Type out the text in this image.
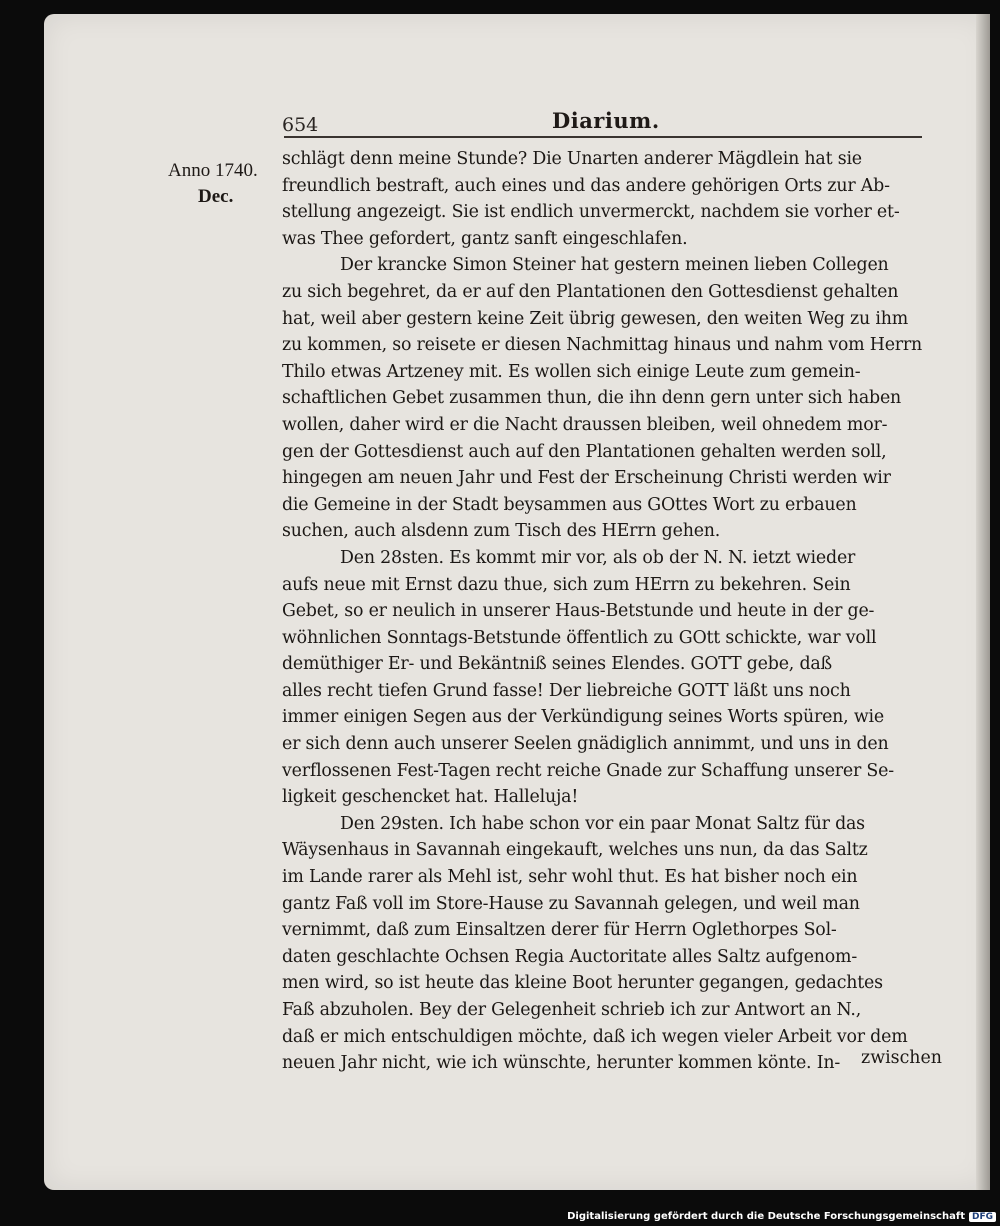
654	Diarium.
Anno 1740.
Dec.
schlägt denn meine Stunde? Die Unarten anderer Mägdlein hat sie
freundlich bestraft, auch eines und das andere gehörigen Orts zur Ab-
stellung angezeigt. Sie ist endlich unvermerckt, nachdem sie vorher et-
was Thee gefordert, gantz sanft eingeschlafen.
Der krancke Simon Steiner hat gestern meinen lieben Collegen
zu sich begehret, da er auf den Plantationen den Gottesdienst gehalten
hat, weil aber gestern keine Zeit übrig gewesen, den weiten Weg zu ihm
zu kommen, so reisete er diesen Nachmittag hinaus und nahm vom Herrn
Thilo etwas Artzeney mit. Es wollen sich einige Leute zum gemein-
schaftlichen Gebet zusammen thun, die ihn denn gern unter sich haben
wollen, daher wird er die Nacht draussen bleiben, weil ohnedem mor-
gen der Gottesdienst auch auf den Plantationen gehalten werden soll,
hingegen am neuen Jahr und Fest der Erscheinung Christi werden wir
die Gemeine in der Stadt beysammen aus GOttes Wort zu erbauen
suchen, auch alsdenn zum Tisch des HErrn gehen.
Den 28sten. Es kommt mir vor, als ob der N. N. ietzt wieder
aufs neue mit Ernst dazu thue, sich zum HErrn zu bekehren. Sein
Gebet, so er neulich in unserer Haus-Betstunde und heute in der ge-
wöhnlichen Sonntags-Betstunde öffentlich zu GOtt schickte, war voll
demüthiger Er- und Bekäntniß seines Elendes. GOTT gebe, daß
alles recht tiefen Grund fasse! Der liebreiche GOTT läßt uns noch
immer einigen Segen aus der Verkündigung seines Worts spüren, wie
er sich denn auch unserer Seelen gnädiglich annimmt, und uns in den
verflossenen Fest-Tagen recht reiche Gnade zur Schaffung unserer Se-
ligkeit geschencket hat. Halleluja!
Den 29sten. Ich habe schon vor ein paar Monat Saltz für das
Wäysenhaus in Savannah eingekauft, welches uns nun, da das Saltz
im Lande rarer als Mehl ist, sehr wohl thut. Es hat bisher noch ein
gantz Faß voll im Store-Hause zu Savannah gelegen, und weil man
vernimmt, daß zum Einsaltzen derer für Herrn Oglethorpes Sol-
daten geschlachte Ochsen Regia Auctoritate alles Saltz aufgenom-
men wird, so ist heute das kleine Boot herunter gegangen, gedachtes
Faß abzuholen. Bey der Gelegenheit schrieb ich zur Antwort an N.,
daß er mich entschuldigen möchte, daß ich wegen vieler Arbeit vor dem
neuen Jahr nicht, wie ich wünschte, herunter kommen könte. In-	zwischen
Digitalisierung gefördert durch die Deutsche Forschungsgemeinschaft DFG
